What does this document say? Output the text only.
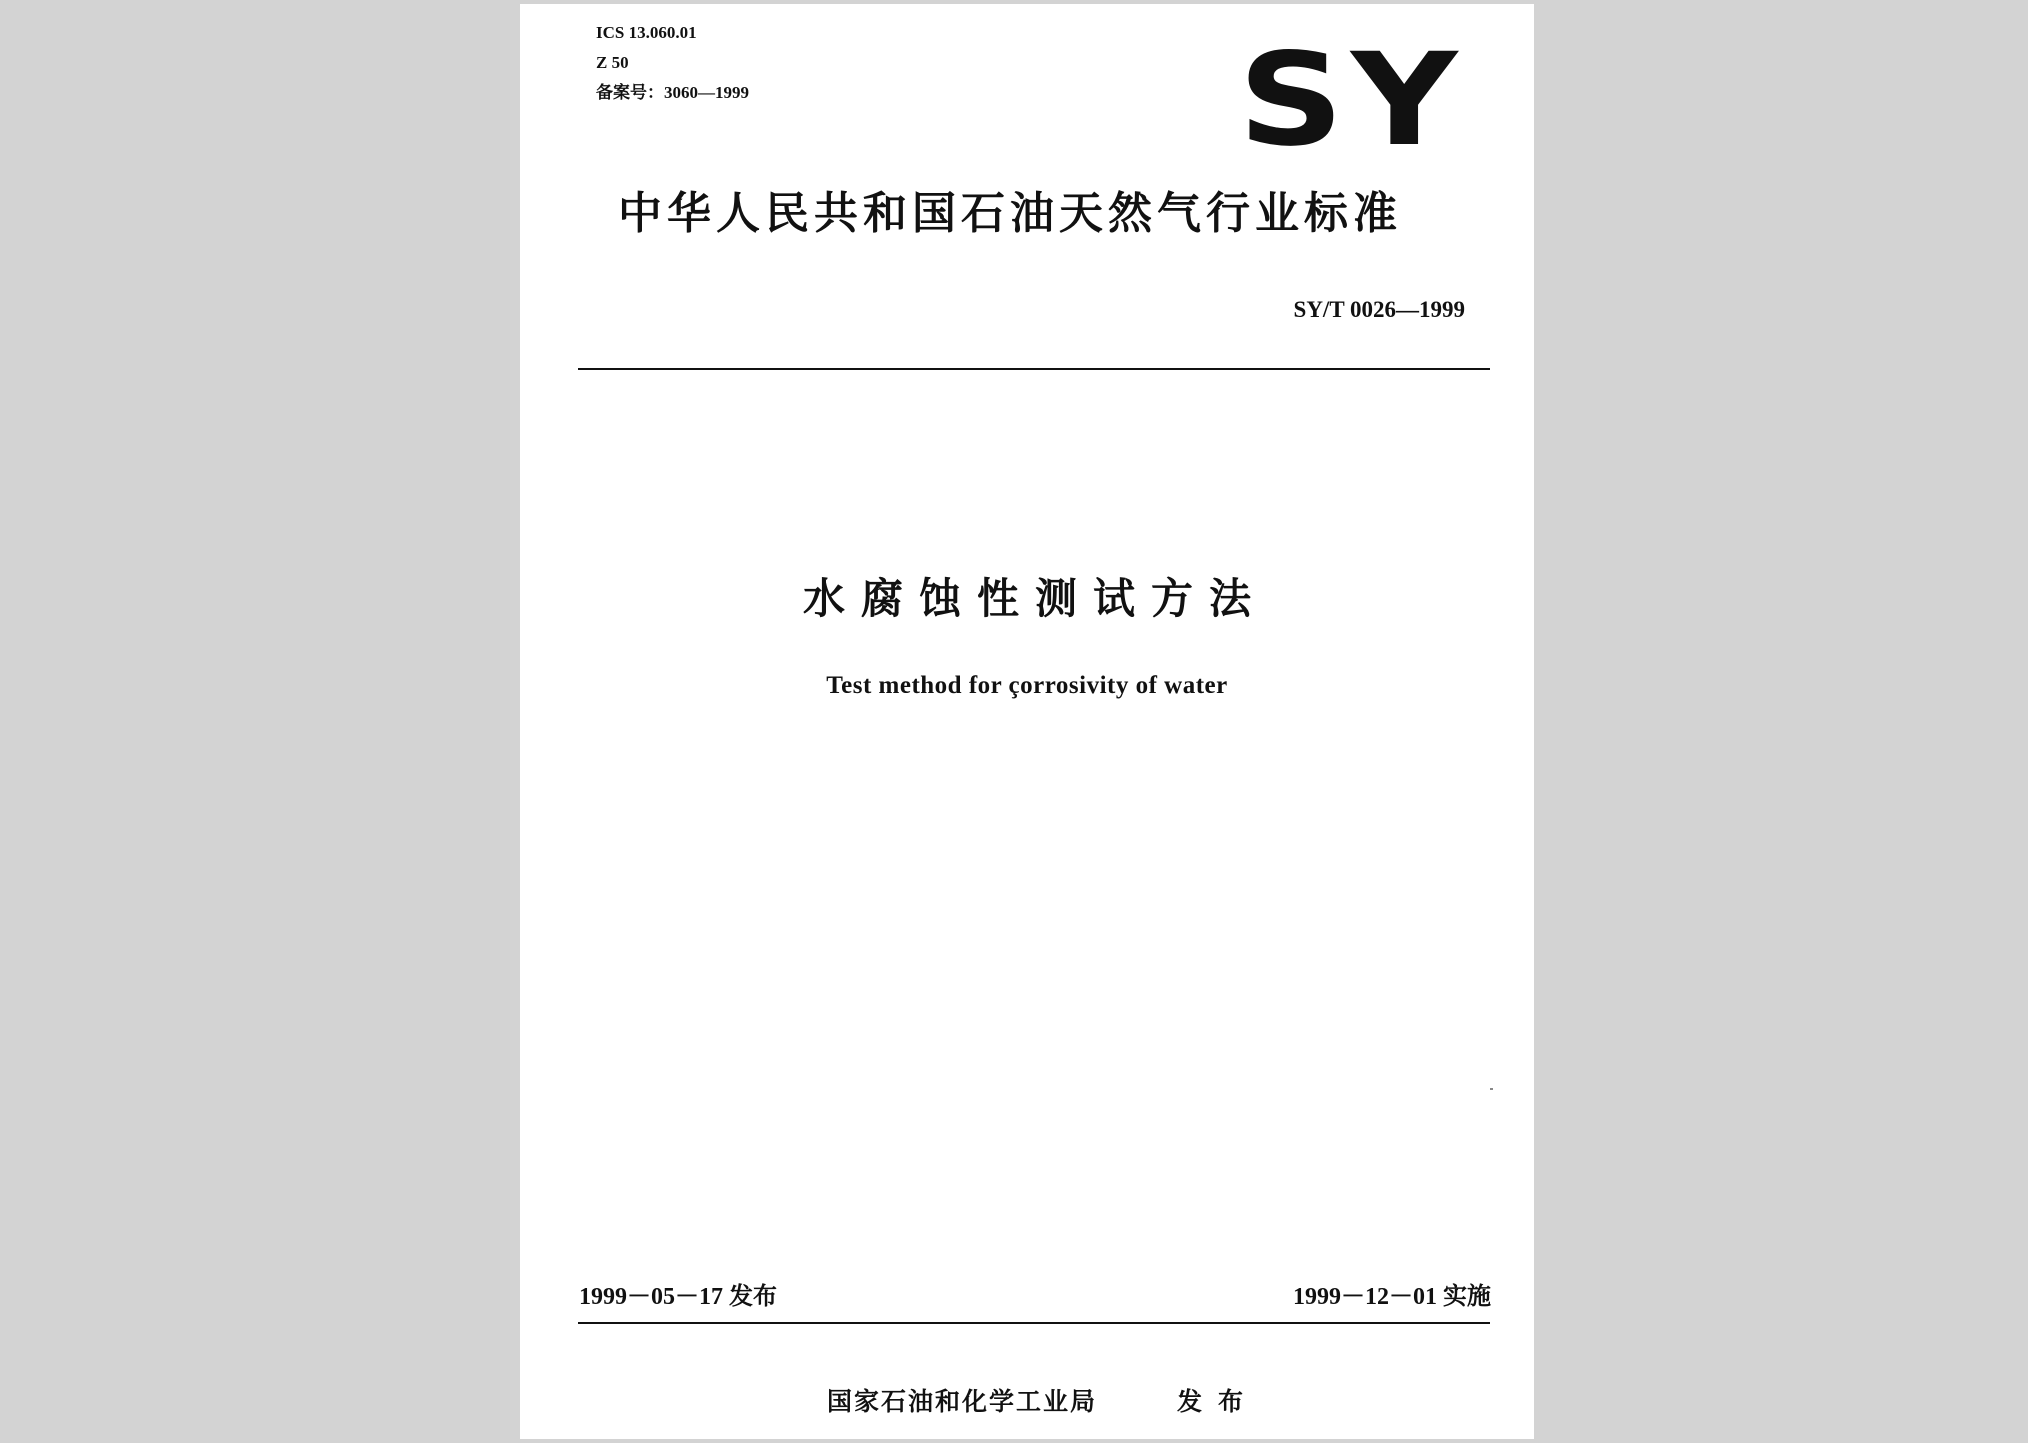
ICS 13.060.01
Z 50
备案号：3060—1999	SY
中华人民共和国石油天然气行业标准
SY/T 0026—1999
水腐蚀性测试方法
Test method for çorrosivity of water
1999－05－17 发布	1999－12－01 实施
国家石油和化学工业局	发布
